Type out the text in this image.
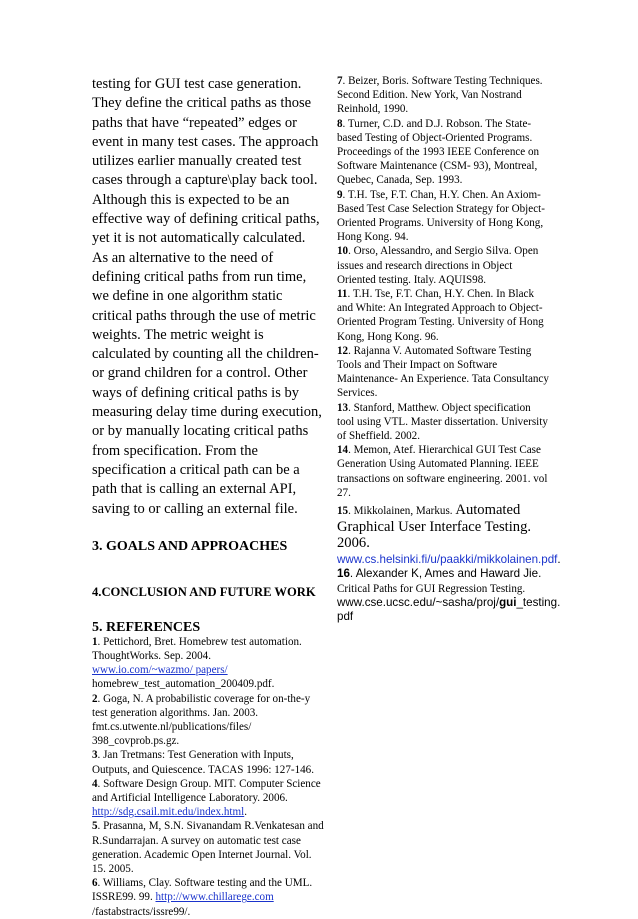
testing for GUI test case generation. They define the critical paths as those paths that have “repeated” edges or event in many test cases. The approach utilizes earlier manually created test cases through a capture\play back tool. Although this is expected to be an effective way of defining critical paths, yet it is not automatically calculated. As an alternative to the need of defining critical paths from run time, we define in one algorithm static critical paths through the use of metric weights. The metric weight is calculated by counting all the children- or grand children for a control. Other ways of defining critical paths is by measuring delay time during execution, or by manually locating critical paths from specification. From the specification a critical path can be a path that is calling an external API, saving to or calling an external file.

3. GOALS AND APPROACHES

4.CONCLUSION AND FUTURE WORK

5. REFERENCES

1. Pettichord, Bret. Homebrew test automation. ThoughtWorks. Sep. 2004.
www.io.com/~wazmo/ papers/
homebrew_test_automation_200409.pdf.

2. Goga, N. A probabilistic coverage for on-the-y test generation algorithms. Jan. 2003. fmt.cs.utwente.nl/publications/files/ 398_covprob.ps.gz.

3. Jan Tretmans: Test Generation with Inputs, Outputs, and Quiescence. TACAS 1996: 127-146.

4. Software Design Group. MIT. Computer Science and Artificial Intelligence Laboratory. 2006. http://sdg.csail.mit.edu/index.html.

5. Prasanna, M, S.N. Sivanandam R.Venkatesan and R.Sundarrajan. A survey on automatic test case generation. Academic Open Internet Journal. Vol. 15. 2005.

6. Williams, Clay. Software testing and the UML. ISSRE99. 99. http://www.chillarege.com
/fastabstracts/issre99/.

7. Beizer, Boris. Software Testing Techniques. Second Edition. New York, Van Nostrand Reinhold, 1990.

8. Turner, C.D. and D.J. Robson. The State-based Testing of Object-Oriented Programs. Proceedings of the 1993 IEEE Conference on Software Maintenance (CSM- 93), Montreal, Quebec, Canada, Sep. 1993.

9. T.H. Tse, F.T. Chan, H.Y. Chen. An Axiom-Based Test Case Selection Strategy for Object-Oriented Programs. University of Hong Kong, Hong Kong. 94.

10. Orso, Alessandro, and Sergio Silva. Open issues and research directions in Object Oriented testing. Italy. AQUIS98.

11. T.H. Tse, F.T. Chan, H.Y. Chen. In Black and White: An Integrated Approach to Object-Oriented Program Testing. University of Hong Kong, Hong Kong. 96.

12. Rajanna V. Automated Software Testing Tools and Their Impact on Software Maintenance- An Experience. Tata Consultancy Services.

13. Stanford, Matthew. Object specification tool using VTL. Master dissertation. University of Sheffield. 2002.

14. Memon, Atef. Hierarchical GUI Test Case Generation Using Automated Planning. IEEE transactions on software engineering. 2001. vol 27.

15. Mikkolainen, Markus. Automated Graphical User Interface Testing. 2006. www.cs.helsinki.fi/u/paakki/mikkolainen.pdf.

16. Alexander K, Ames and Haward Jie.
Critical Paths for GUI Regression Testing.
www.cse.ucsc.edu/~sasha/proj/gui_testing. pdf
